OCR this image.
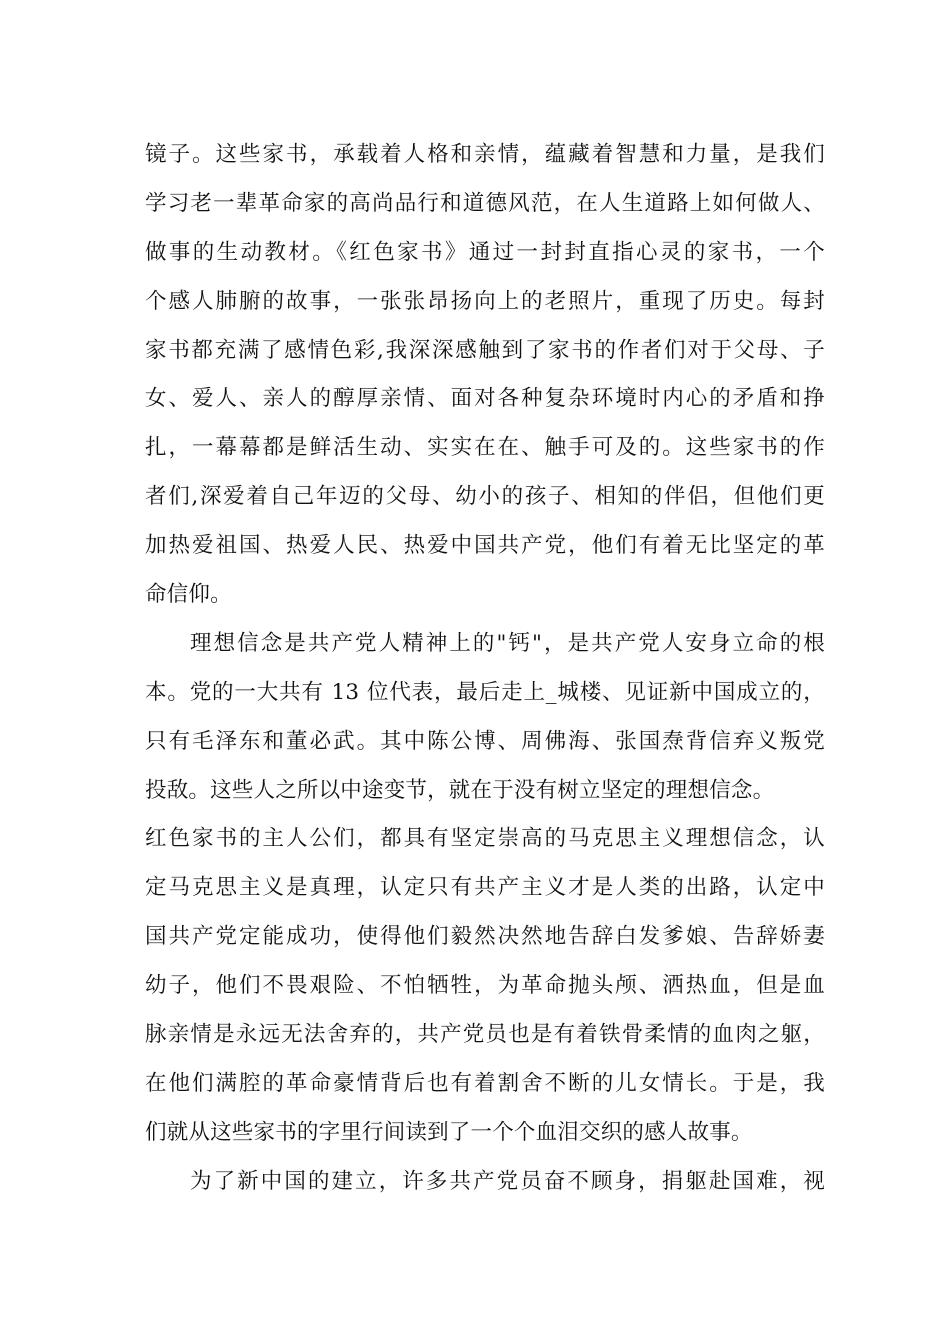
镜子。这些家书，承载着人格和亲情，蕴藏着智慧和力量，是我们
学习老一辈革命家的高尚品行和道德风范，在人生道路上如何做人、
做事的生动教材。《红色家书》通过一封封直指心灵的家书，一个
个感人肺腑的故事，一张张昂扬向上的老照片，重现了历史。每封
家书都充满了感情色彩,我深深感触到了家书的作者们对于父母、子
女、爱人、亲人的醇厚亲情、面对各种复杂环境时内心的矛盾和挣
扎，一幕幕都是鲜活生动、实实在在、触手可及的。这些家书的作
者们,深爱着自己年迈的父母、幼小的孩子、相知的伴侣，但他们更
加热爱祖国、热爱人民、热爱中国共产党，他们有着无比坚定的革
命信仰。
理想信念是共产党人精神上的"钙"，是共产党人安身立命的根
本。党的一大共有 13 位代表，最后走上_城楼、见证新中国成立的，
只有毛泽东和董必武。其中陈公博、周佛海、张国焘背信弃义叛党
投敌。这些人之所以中途变节，就在于没有树立坚定的理想信念。
红色家书的主人公们，都具有坚定崇高的马克思主义理想信念，认
定马克思主义是真理，认定只有共产主义才是人类的出路，认定中
国共产党定能成功，使得他们毅然决然地告辞白发爹娘、告辞娇妻
幼子，他们不畏艰险、不怕牺牲，为革命抛头颅、洒热血，但是血
脉亲情是永远无法舍弃的，共产党员也是有着铁骨柔情的血肉之躯，
在他们满腔的革命豪情背后也有着割舍不断的儿女情长。于是，我
们就从这些家书的字里行间读到了一个个血泪交织的感人故事。
为了新中国的建立，许多共产党员奋不顾身，捐躯赴国难，视
